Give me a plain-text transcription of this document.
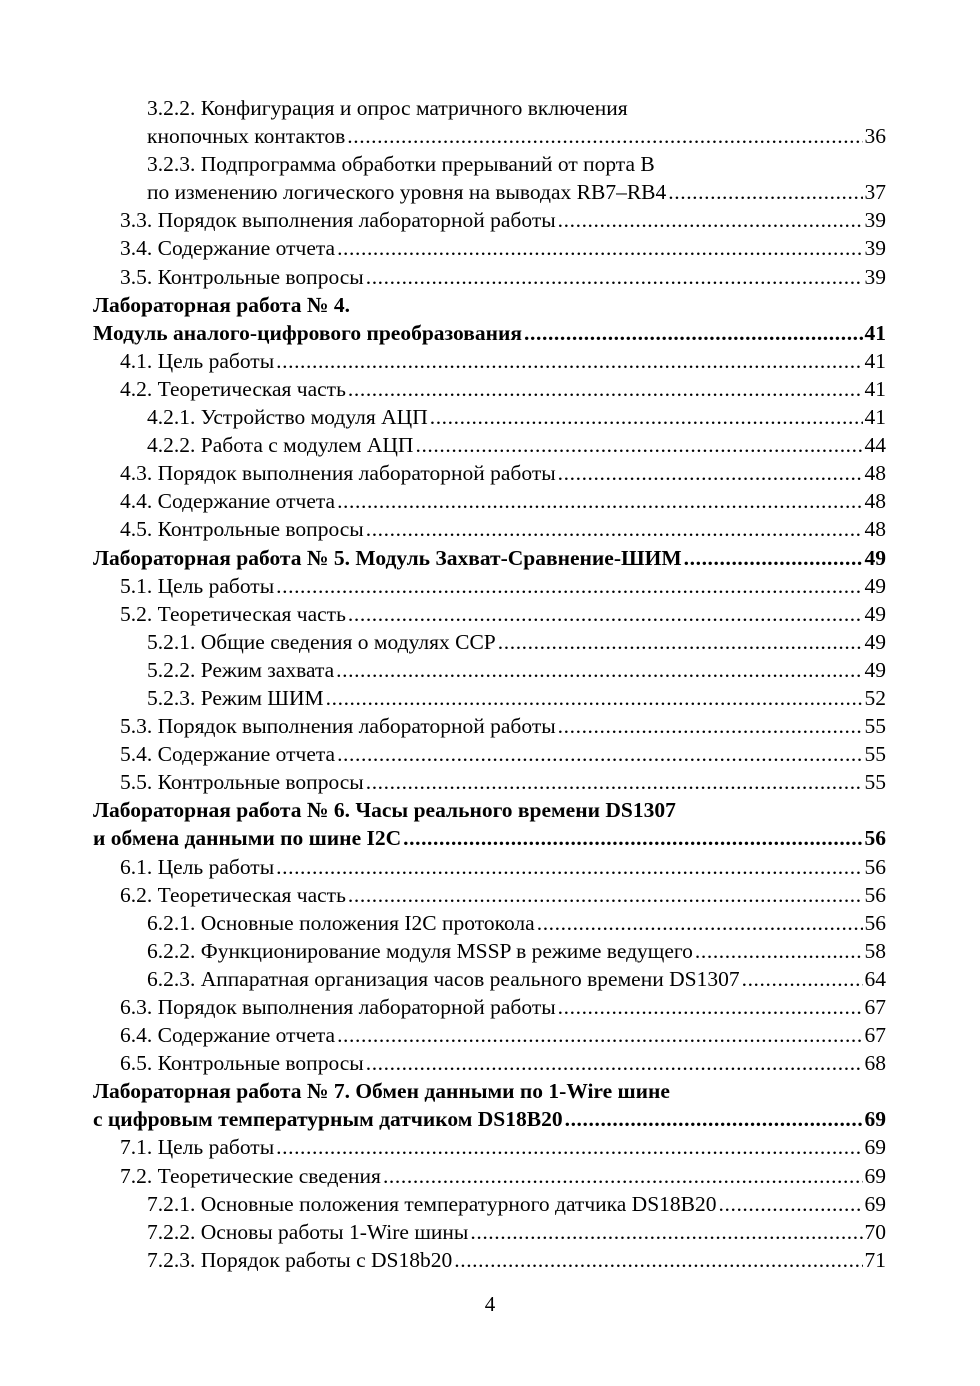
3.2.2. Конфигурация и опрос матричного включения
кнопочных контактов .....	36
3.2.3. Подпрограмма обработки прерываний от порта B
по изменению логического уровня на выводах RB7–RB4 .....	37
3.3. Порядок выполнения лабораторной работы .....	39
3.4. Содержание отчета .....	39
3.5. Контрольные вопросы .....	39
Лабораторная работа № 4.
Модуль аналого-цифрового преобразования .....	41
4.1. Цель работы .....	41
4.2. Теоретическая часть .....	41
4.2.1. Устройство модуля АЦП .....	41
4.2.2. Работа с модулем АЦП .....	44
4.3. Порядок выполнения лабораторной работы .....	48
4.4. Содержание отчета .....	48
4.5. Контрольные вопросы .....	48
Лабораторная работа № 5. Модуль Захват-Сравнение-ШИМ .....	49
5.1. Цель работы .....	49
5.2. Теоретическая часть .....	49
5.2.1. Общие сведения о модулях ССР .....	49
5.2.2. Режим захвата .....	49
5.2.3. Режим ШИМ .....	52
5.3. Порядок выполнения лабораторной работы .....	55
5.4. Содержание отчета .....	55
5.5. Контрольные вопросы .....	55
Лабораторная работа № 6. Часы реального времени DS1307
и обмена данными по шине I2C .....	56
6.1. Цель работы .....	56
6.2. Теоретическая часть .....	56
6.2.1. Основные положения I2C протокола .....	56
6.2.2. Функционирование модуля MSSP в режиме ведущего .....	58
6.2.3. Аппаратная организация часов реального времени DS1307 .....	64
6.3. Порядок выполнения лабораторной работы .....	67
6.4. Содержание отчета .....	67
6.5. Контрольные вопросы .....	68
Лабораторная работа № 7. Обмен данными по 1-Wire шине
с цифровым температурным датчиком DS18B20 .....	69
7.1. Цель работы .....	69
7.2. Теоретические сведения .....	69
7.2.1. Основные положения температурного датчика DS18B20 .....	69
7.2.2. Основы работы 1-Wire шины .....	70
7.2.3. Порядок работы с DS18b20 .....	71
4
